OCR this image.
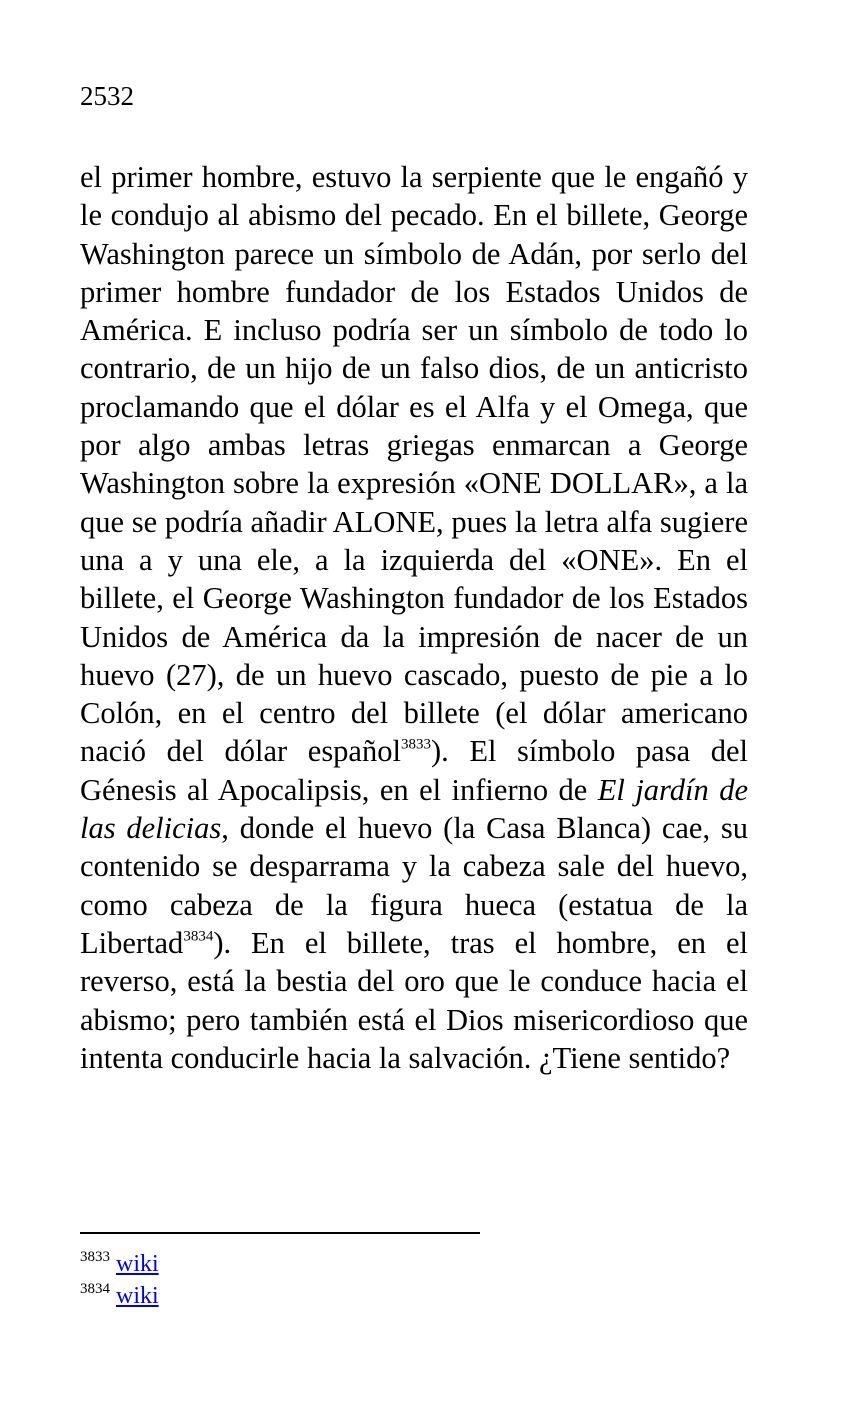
2532

el primer hombre, estuvo la serpiente que le engañó y le condujo al abismo del pecado. En el billete, George Washington parece un símbolo de Adán, por serlo del primer hombre fundador de los Estados Unidos de América. E incluso podría ser un símbolo de todo lo contrario, de un hijo de un falso dios, de un anticristo proclamando que el dólar es el Alfa y el Omega, que por algo ambas letras griegas enmarcan a George Washington sobre la expresión «ONE DOLLAR», a la que se podría añadir ALONE, pues la letra alfa sugiere una a y una ele, a la izquierda del «ONE». En el billete, el George Washington fundador de los Estados Unidos de América da la impresión de nacer de un huevo (27), de un huevo cascado, puesto de pie a lo Colón, en el centro del billete (el dólar americano nació del dólar español$^{3833}$). El símbolo pasa del Génesis al Apocalipsis, en el infierno de El jardín de las delicias, donde el huevo (la Casa Blanca) cae, su contenido se desparrama y la cabeza sale del huevo, como cabeza de la figura hueca (estatua de la Libertad$^{3834}$). En el billete, tras el hombre, en el reverso, está la bestia del oro que le conduce hacia el abismo; pero también está el Dios misericordioso que intenta conducirle hacia la salvación. ¿Tiene sentido?

$^{3833}$ wiki
$^{3834}$ wiki
